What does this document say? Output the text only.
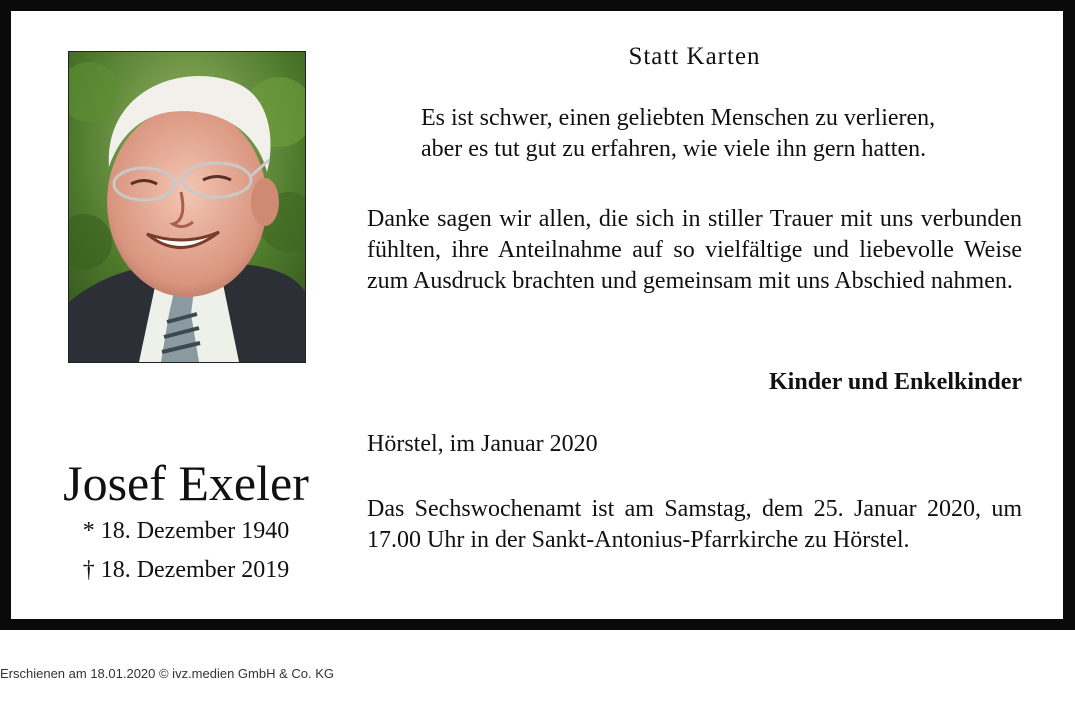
Josef Exeler
* 18. Dezember 1940
† 18. Dezember 2019
Statt Karten
Es ist schwer, einen geliebten Menschen zu verlieren,
aber es tut gut zu erfahren, wie viele ihn gern hatten.
Danke sagen wir allen, die sich in stiller Trauer mit uns verbunden fühlten, ihre Anteilnahme auf so vielfältige und liebevolle Weise zum Ausdruck brachten und gemeinsam mit uns Abschied nahmen.
Kinder und Enkelkinder
Hörstel, im Januar 2020
Das Sechswochenamt ist am Samstag, dem 25. Januar 2020, um 17.00 Uhr in der Sankt-Antonius-Pfarrkirche zu Hörstel.
Erschienen am 18.01.2020 © ivz.medien GmbH & Co. KG
